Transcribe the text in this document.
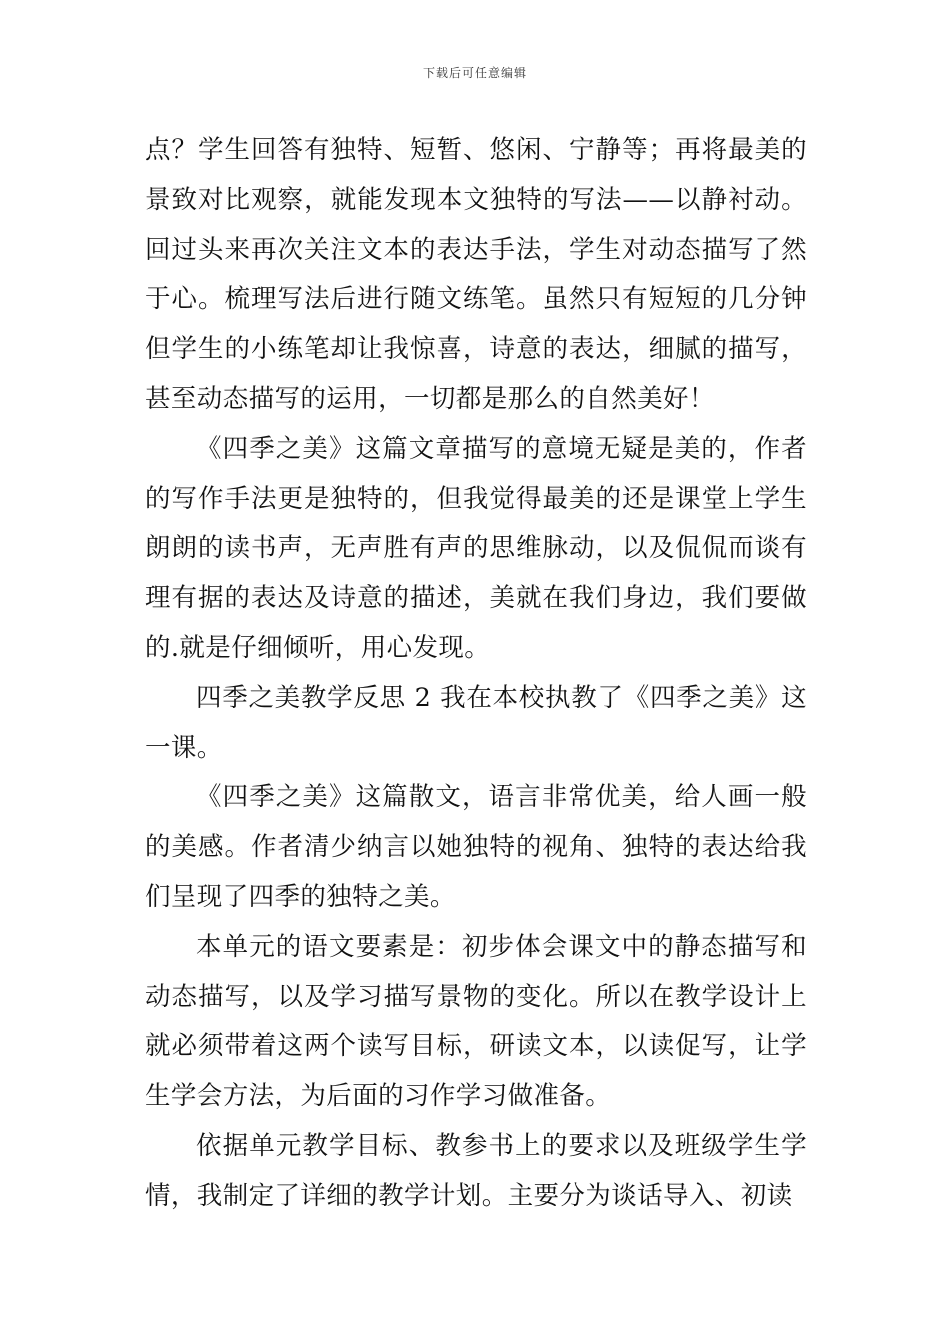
下载后可任意编辑

点？学生回答有独特、短暂、悠闲、宁静等；再将最美的景致对比观察，就能发现本文独特的写法——以静衬动。回过头来再次关注文本的表达手法，学生对动态描写了然于心。梳理写法后进行随文练笔。虽然只有短短的几分钟但学生的小练笔却让我惊喜，诗意的表达，细腻的描写，甚至动态描写的运用，一切都是那么的自然美好！

《四季之美》这篇文章描写的意境无疑是美的，作者的写作手法更是独特的，但我觉得最美的还是课堂上学生朗朗的读书声，无声胜有声的思维脉动，以及侃侃而谈有理有据的表达及诗意的描述，美就在我们身边，我们要做的.就是仔细倾听，用心发现。

四季之美教学反思 2 我在本校执教了《四季之美》这一课。

《四季之美》这篇散文，语言非常优美，给人画一般的美感。作者清少纳言以她独特的视角、独特的表达给我们呈现了四季的独特之美。

本单元的语文要素是：初步体会课文中的静态描写和动态描写，以及学习描写景物的变化。所以在教学设计上就必须带着这两个读写目标，研读文本，以读促写，让学生学会方法，为后面的习作学习做准备。

依据单元教学目标、教参书上的要求以及班级学生学情，我制定了详细的教学计划。主要分为谈话导入、初读
